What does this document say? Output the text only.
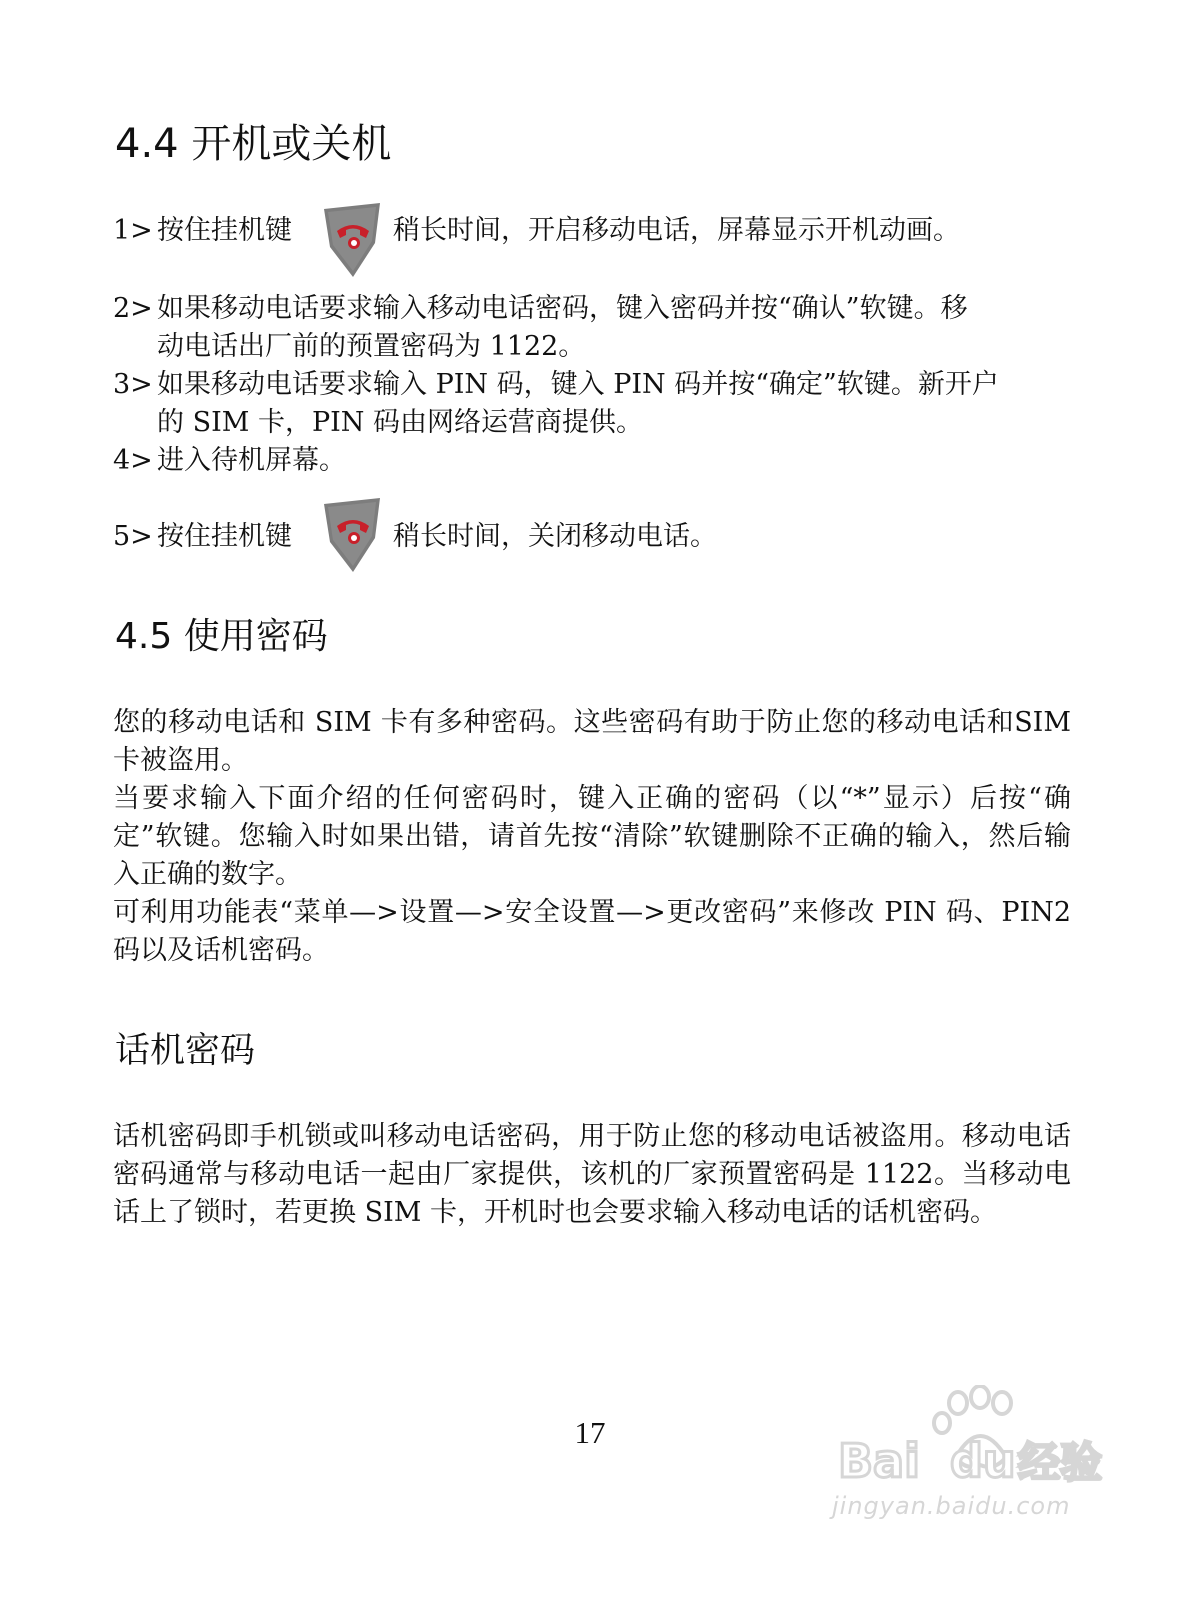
4.4 开机或关机
1> 按住挂机键	稍长时间，开启移动电话，屏幕显示开机动画。
2> 如果移动电话要求输入移动电话密码，键入密码并按“确认”软键。移
动电话出厂前的预置密码为 1122。
3> 如果移动电话要求输入 PIN 码，键入 PIN 码并按“确定”软键。新开户
的 SIM 卡，PIN 码由网络运营商提供。
4> 进入待机屏幕。
5> 按住挂机键	稍长时间，关闭移动电话。
4.5 使用密码

您的移动电话和 SIM 卡有多种密码。这些密码有助于防止您的移动电话和SIM 卡被盗用。

当要求输入下面介绍的任何密码时，键入正确的密码（以“*”显示）后按“确定”软键。您输入时如果出错，请首先按“清除”软键删除不正确的输入，然后输入正确的数字。

可利用功能表“菜单—>设置—>安全设置—>更改密码”来修改 PIN 码、PIN2 码以及话机密码。

话机密码

话机密码即手机锁或叫移动电话密码，用于防止您的移动电话被盗用。移动电话密码通常与移动电话一起由厂家提供，该机的厂家预置密码是 1122。当移动电话上了锁时，若更换 SIM 卡，开机时也会要求输入移动电话的话机密码。

17
Bai du 经验
jingyan.baidu.com
